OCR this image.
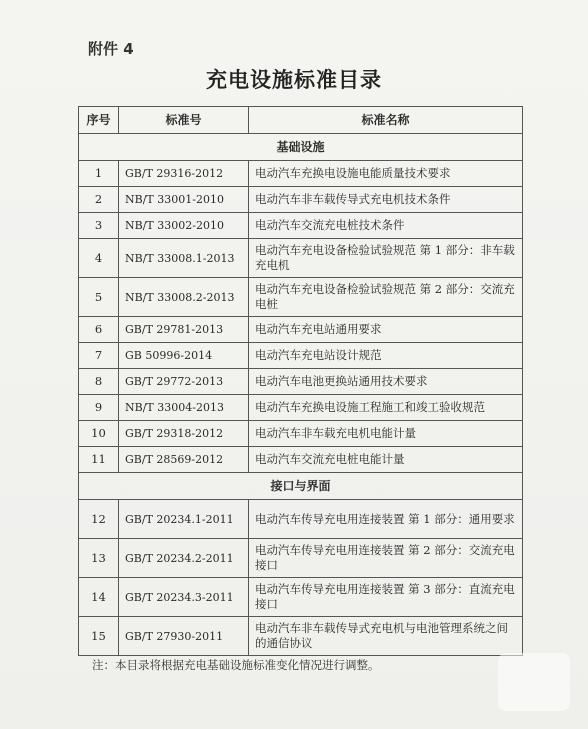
附件 4
充电设施标准目录
序号	标准号	标准名称
基础设施		
1	GB/T 29316-2012	电动汽车充换电设施电能质量技术要求
2	NB/T 33001-2010	电动汽车非车载传导式充电机技术条件
3	NB/T 33002-2010	电动汽车交流充电桩技术条件
4	NB/T 33008.1-2013	电动汽车充电设备检验试验规范 第 1 部分：非车载充电机
5	NB/T 33008.2-2013	电动汽车充电设备检验试验规范 第 2 部分：交流充电桩
6	GB/T 29781-2013	电动汽车充电站通用要求
7	GB 50996-2014	电动汽车充电站设计规范
8	GB/T 29772-2013	电动汽车电池更换站通用技术要求
9	NB/T 33004-2013	电动汽车充换电设施工程施工和竣工验收规范
10	GB/T 29318-2012	电动汽车非车载充电机电能计量
11	GB/T 28569-2012	电动汽车交流充电桩电能计量
接口与界面		
12	GB/T 20234.1-2011	电动汽车传导充电用连接装置 第 1 部分：通用要求
13	GB/T 20234.2-2011	电动汽车传导充电用连接装置 第 2 部分：交流充电接口
14	GB/T 20234.3-2011	电动汽车传导充电用连接装置 第 3 部分：直流充电接口
15	GB/T 27930-2011	电动汽车非车载传导式充电机与电池管理系统之间的通信协议
注：本目录将根据充电基础设施标准变化情况进行调整。
